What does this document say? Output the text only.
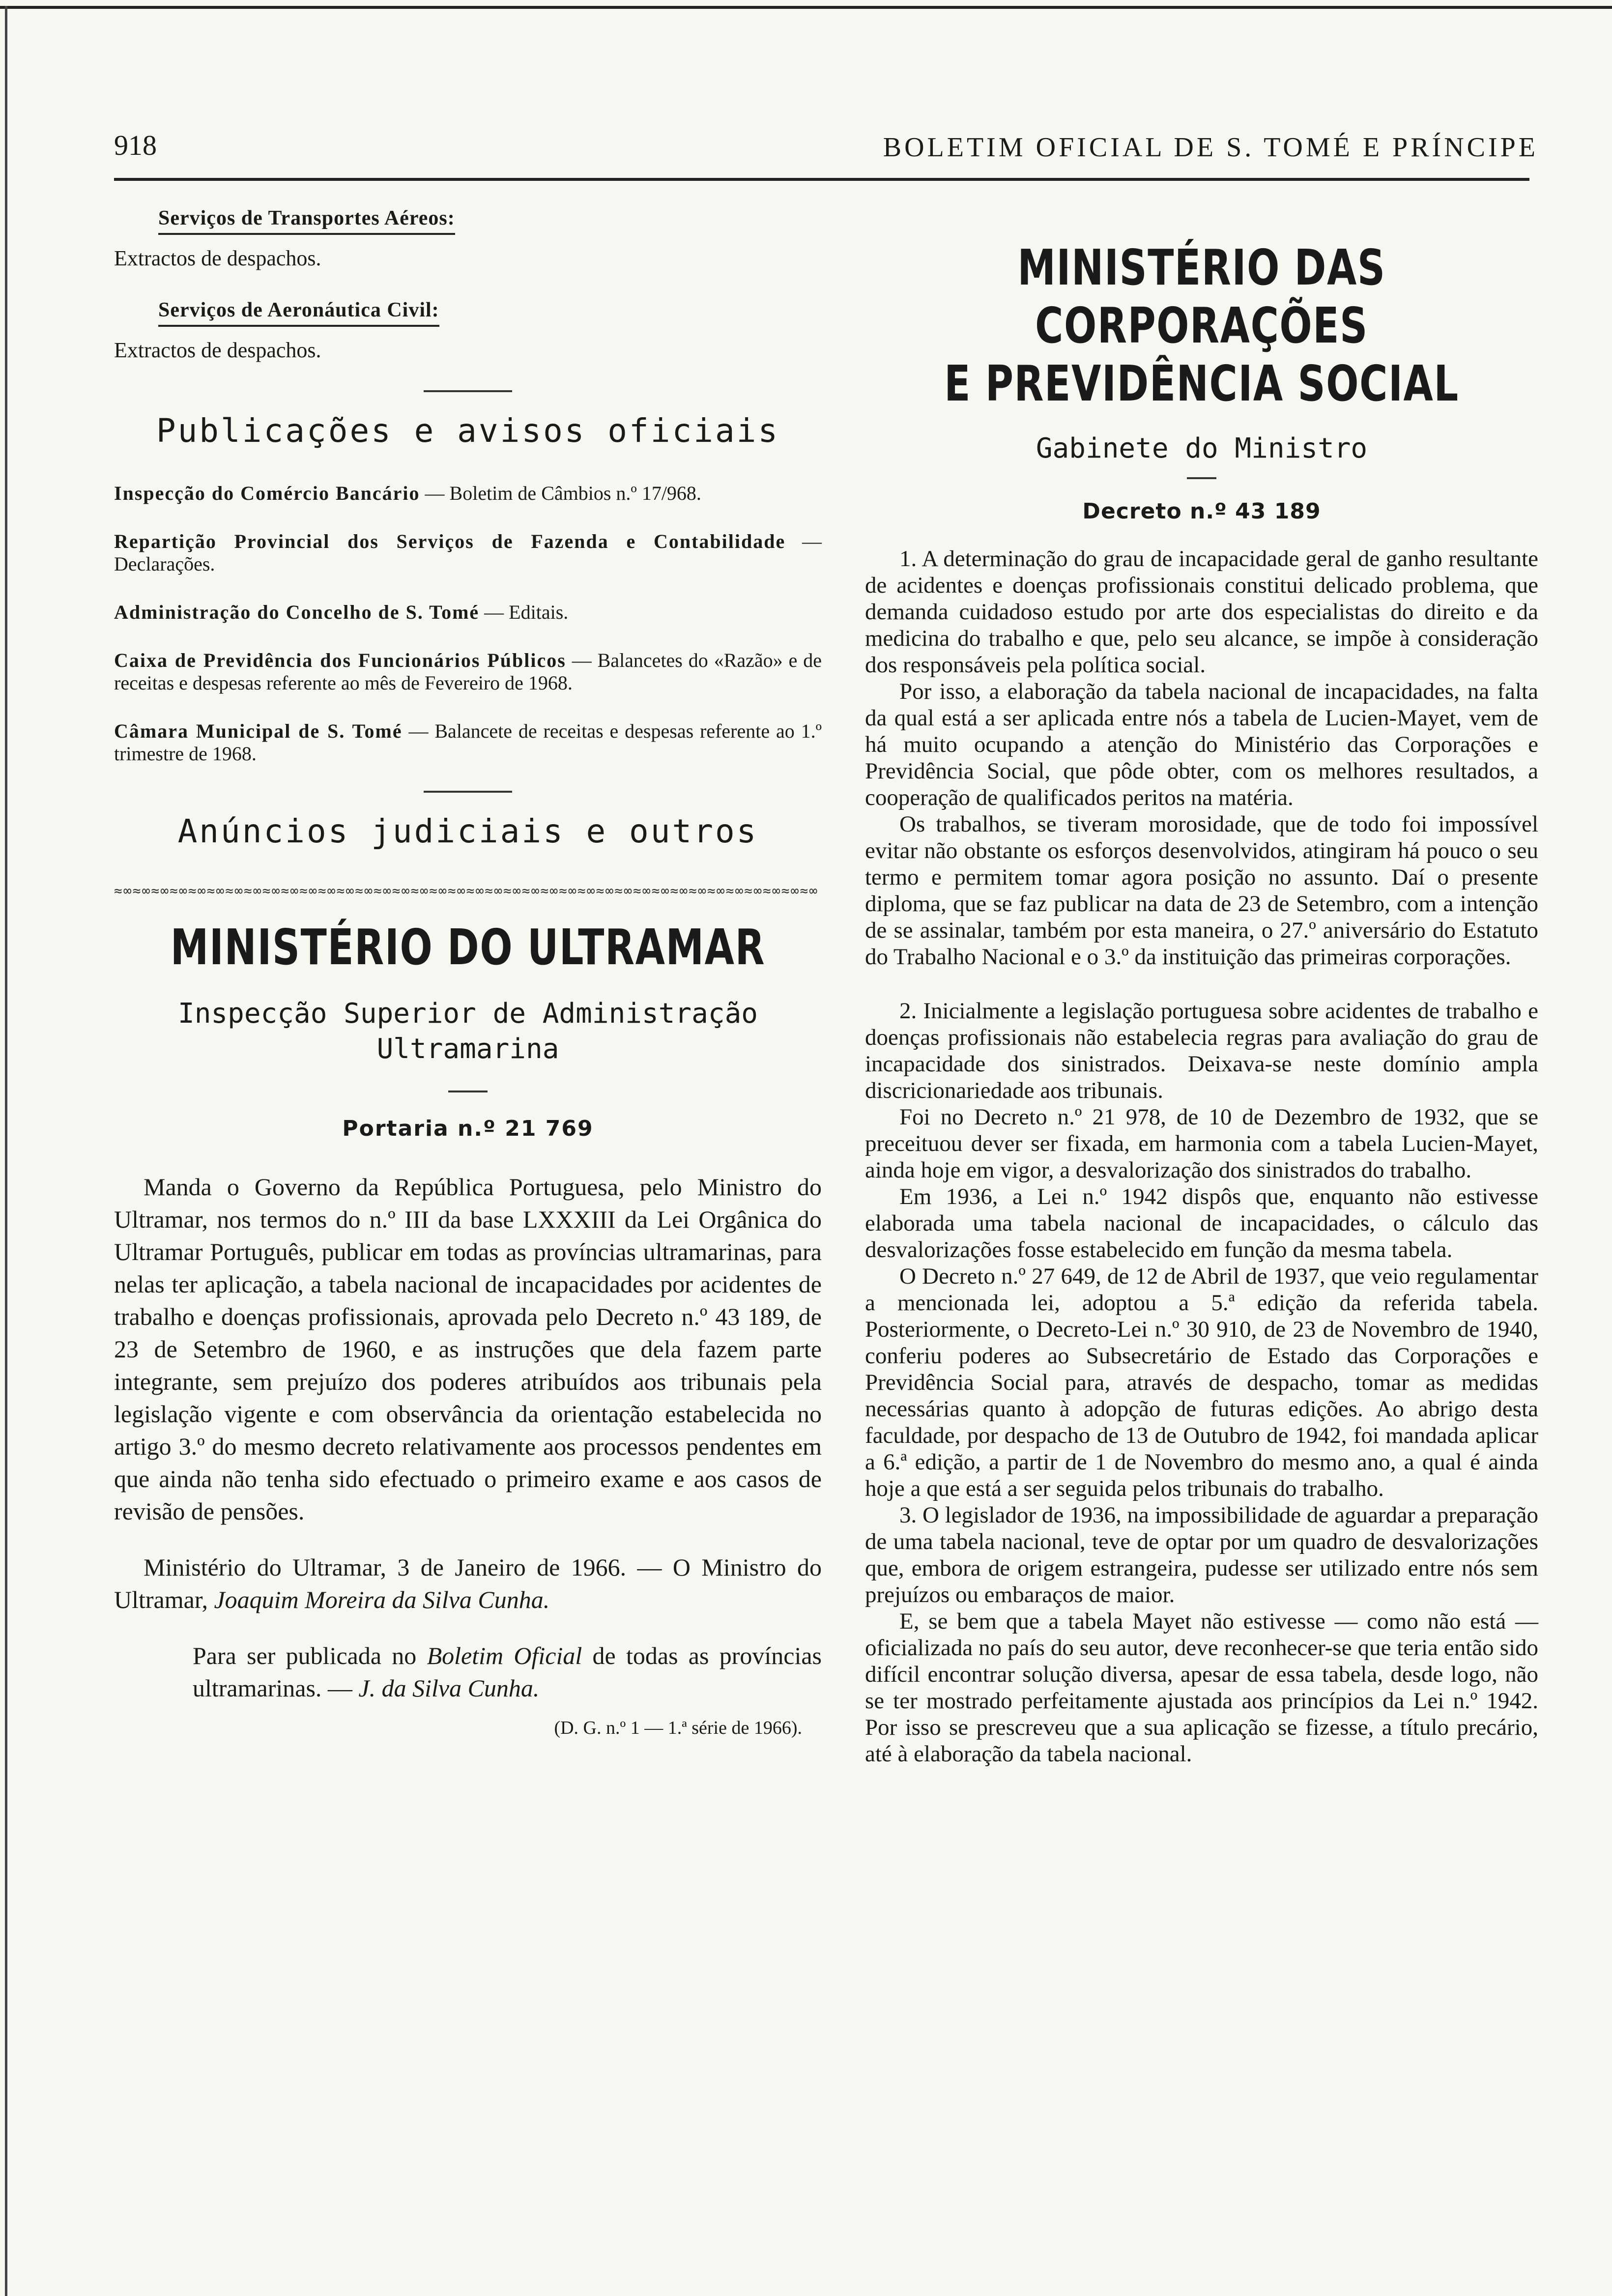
918	BOLETIM OFICIAL DE S. TOMÉ E PRÍNCIPE
Serviços de Transportes Aéreos:
Extractos de despachos.
Serviços de Aeronáutica Civil:
Extractos de despachos.
Publicações e avisos oficiais

Inspecção do Comércio Bancário — Boletim de Câmbios n.º 17/968.

Repartição Provincial dos Serviços de Fazenda e Contabilidade — Declarações.

Administração do Concelho de S. Tomé — Editais.

Caixa de Previdência dos Funcionários Públicos — Balancetes do «Razão» e de receitas e despesas referente ao mês de Fevereiro de 1968.

Câmara Municipal de S. Tomé — Balancete de receitas e despesas referente ao 1.º trimestre de 1968.

Anúncios judiciais e outros
≈∞≈∞≈∞≈∞≈∞≈∞≈∞≈∞≈∞≈∞≈∞≈∞≈∞≈∞≈∞≈∞≈∞≈∞≈∞≈∞≈∞≈∞≈∞≈∞≈∞≈∞≈∞≈∞≈∞≈∞≈∞≈∞≈∞≈∞≈∞≈∞≈∞≈∞
MINISTÉRIO DO ULTRAMAR
Inspecção Superior de Administração
Ultramarina
Portaria n.º 21 769

Manda o Governo da República Portuguesa, pelo Ministro do Ultramar, nos termos do n.º III da base LXXXIII da Lei Orgânica do Ultramar Português, publicar em todas as províncias ultramarinas, para nelas ter aplicação, a tabela nacional de incapacidades por acidentes de trabalho e doenças profissionais, aprovada pelo Decreto n.º 43 189, de 23 de Setembro de 1960, e as instruções que dela fazem parte integrante, sem prejuízo dos poderes atribuídos aos tribunais pela legislação vigente e com observância da orientação estabelecida no artigo 3.º do mesmo decreto relativamente aos processos pendentes em que ainda não tenha sido efectuado o primeiro exame e aos casos de revisão de pensões.

Ministério do Ultramar, 3 de Janeiro de 1966. — O Ministro do Ultramar, Joaquim Moreira da Silva Cunha.

Para ser publicada no Boletim Oficial de todas as províncias ultramarinas. — J. da Silva Cunha.

(D. G. n.º 1 — 1.ª série de 1966).
MINISTÉRIO DAS CORPORAÇÕES
E PREVIDÊNCIA SOCIAL
Gabinete do Ministro
Decreto n.º 43 189

1. A determinação do grau de incapacidade geral de ganho resultante de acidentes e doenças profissionais constitui delicado problema, que demanda cuidadoso estudo por arte dos especialistas do direito e da medicina do trabalho e que, pelo seu alcance, se impõe à consideração dos responsáveis pela política social.

Por isso, a elaboração da tabela nacional de incapacidades, na falta da qual está a ser aplicada entre nós a tabela de Lucien-Mayet, vem de há muito ocupando a atenção do Ministério das Corporações e Previdência Social, que pôde obter, com os melhores resultados, a cooperação de qualificados peritos na matéria.

Os trabalhos, se tiveram morosidade, que de todo foi impossível evitar não obstante os esforços desenvolvidos, atingiram há pouco o seu termo e permitem tomar agora posição no assunto. Daí o presente diploma, que se faz publicar na data de 23 de Setembro, com a intenção de se assinalar, também por esta maneira, o 27.º aniversário do Estatuto do Trabalho Nacional e o 3.º da instituição das primeiras corporações.

2. Inicialmente a legislação portuguesa sobre acidentes de trabalho e doenças profissionais não estabelecia regras para avaliação do grau de incapacidade dos sinistrados. Deixava-se neste domínio ampla discricionariedade aos tribunais.

Foi no Decreto n.º 21 978, de 10 de Dezembro de 1932, que se preceituou dever ser fixada, em harmonia com a tabela Lucien-Mayet, ainda hoje em vigor, a desvalorização dos sinistrados do trabalho.

Em 1936, a Lei n.º 1942 dispôs que, enquanto não estivesse elaborada uma tabela nacional de incapacidades, o cálculo das desvalorizações fosse estabelecido em função da mesma tabela.

O Decreto n.º 27 649, de 12 de Abril de 1937, que veio regulamentar a mencionada lei, adoptou a 5.ª edição da referida tabela. Posteriormente, o Decreto-Lei n.º 30 910, de 23 de Novembro de 1940, conferiu poderes ao Subsecretário de Estado das Corporações e Previdência Social para, através de despacho, tomar as medidas necessárias quanto à adopção de futuras edições. Ao abrigo desta faculdade, por despacho de 13 de Outubro de 1942, foi mandada aplicar a 6.ª edição, a partir de 1 de Novembro do mesmo ano, a qual é ainda hoje a que está a ser seguida pelos tribunais do trabalho.

3. O legislador de 1936, na impossibilidade de aguardar a preparação de uma tabela nacional, teve de optar por um quadro de desvalorizações que, embora de origem estrangeira, pudesse ser utilizado entre nós sem prejuízos ou embaraços de maior.

E, se bem que a tabela Mayet não estivesse — como não está — oficializada no país do seu autor, deve reconhecer-se que teria então sido difícil encontrar solução diversa, apesar de essa tabela, desde logo, não se ter mostrado perfeitamente ajustada aos princípios da Lei n.º 1942. Por isso se prescreveu que a sua aplicação se fizesse, a título precário, até à elaboração da tabela nacional.
